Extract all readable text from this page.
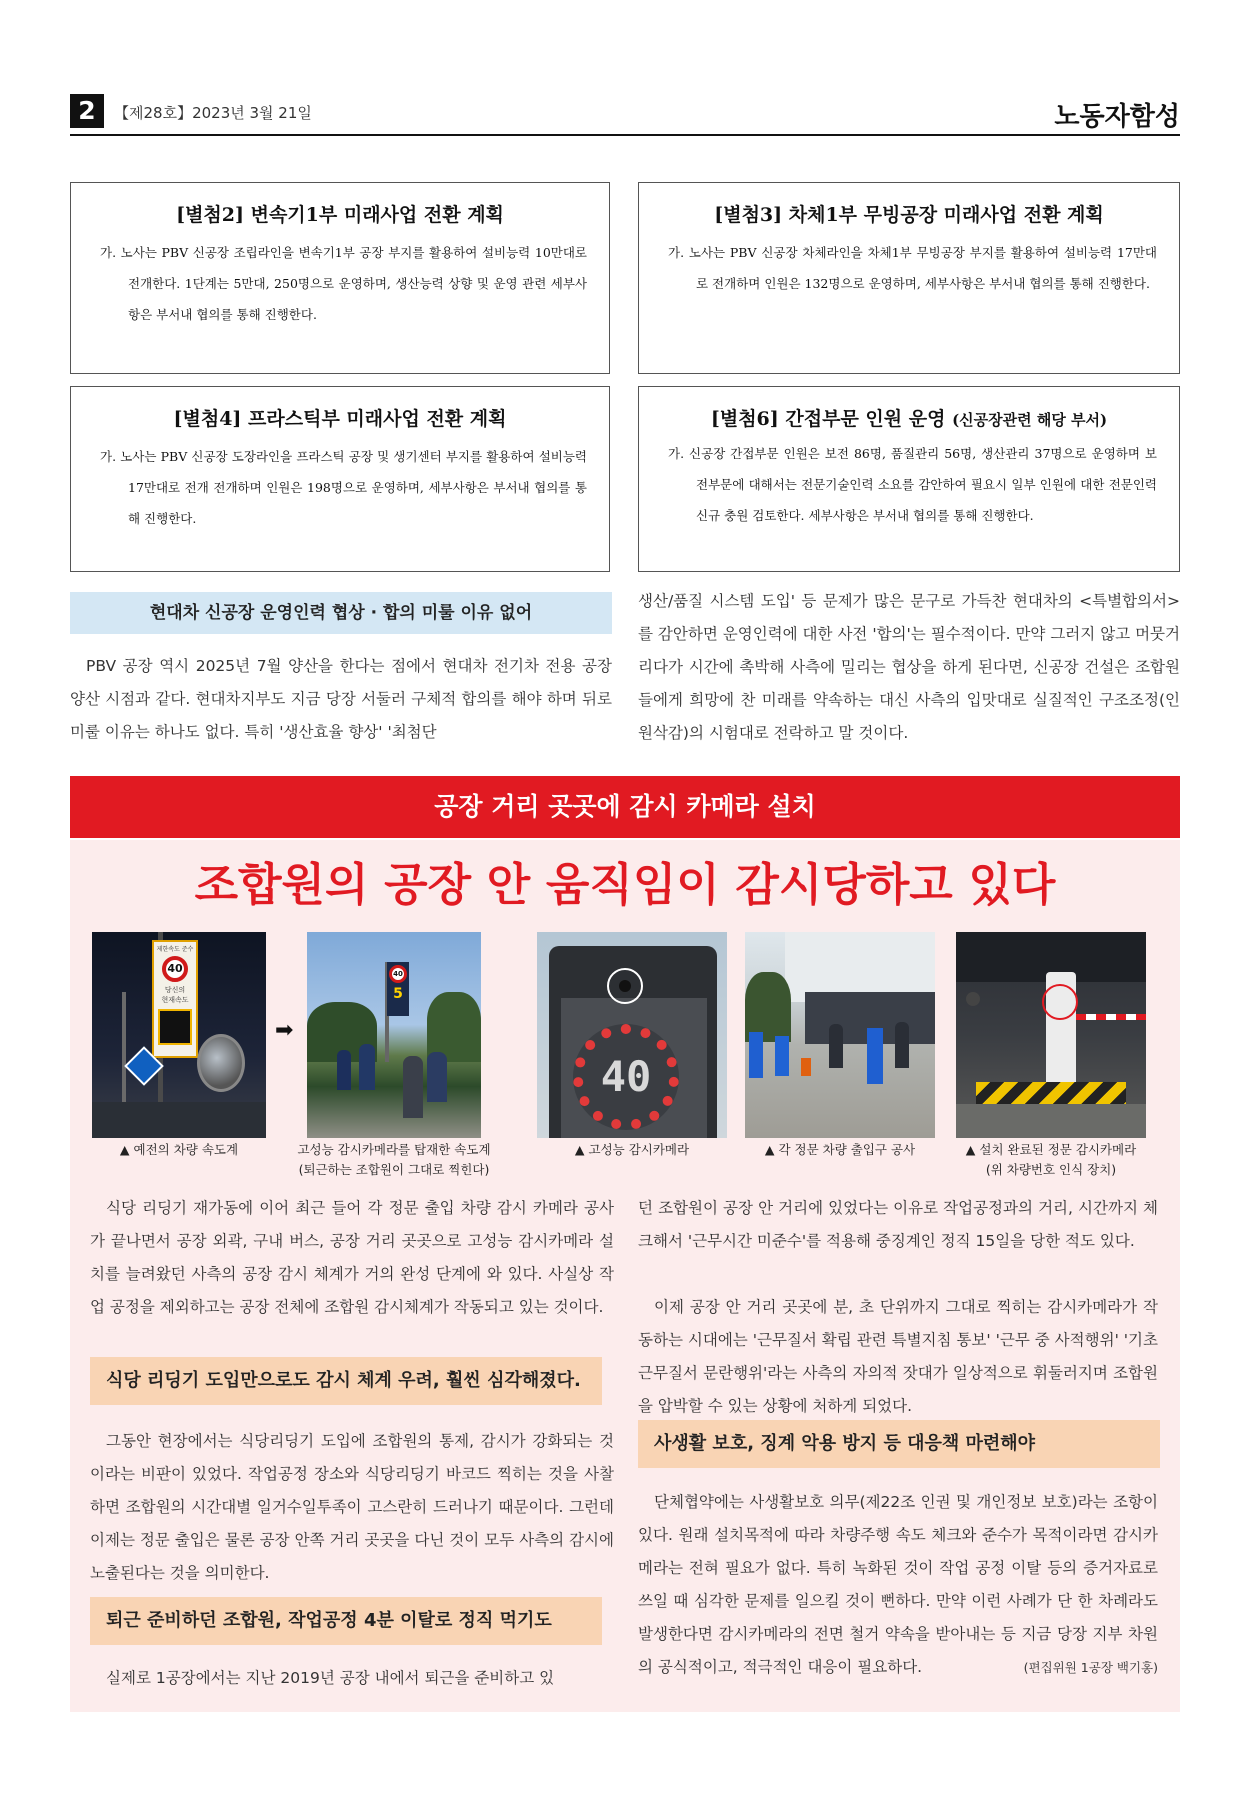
2	【제28호】2023년 3월 21일	노동자함성
[별첨2] 변속기1부 미래사업 전환 계획

가. 노사는 PBV 신공장 조립라인을 변속기1부 공장 부지를 활용하여 설비능력 10만대로 전개한다. 1단계는 5만대, 250명으로 운영하며, 생산능력 상향 및 운영 관련 세부사항은 부서내 협의를 통해 진행한다.

[별첨3] 차체1부 무빙공장 미래사업 전환 계획

가. 노사는 PBV 신공장 차체라인을 차체1부 무빙공장 부지를 활용하여 설비능력 17만대로 전개하며 인원은 132명으로 운영하며, 세부사항은 부서내 협의를 통해 진행한다.

[별첨4] 프라스틱부 미래사업 전환 계획

가. 노사는 PBV 신공장 도장라인을 프라스틱 공장 및 생기센터 부지를 활용하여 설비능력 17만대로 전개 전개하며 인원은 198명으로 운영하며, 세부사항은 부서내 협의를 통해 진행한다.

[별첨6] 간접부문 인원 운영 (신공장관련 해당 부서)

가. 신공장 간접부문 인원은 보전 86명, 품질관리 56명, 생산관리 37명으로 운영하며 보전부문에 대해서는 전문기술인력 소요를 감안하여 필요시 일부 인원에 대한 전문인력 신규 충원 검토한다. 세부사항은 부서내 협의를 통해 진행한다.

현대차 신공장 운영인력 협상 · 합의 미룰 이유 없어
PBV 공장 역시 2025년 7월 양산을 한다는 점에서 현대차 전기차 전용 공장 양산 시점과 같다. 현대차지부도 지금 당장 서둘러 구체적 합의를 해야 하며 뒤로 미룰 이유는 하나도 없다. 특히 '생산효율 향상' '최첨단
생산/품질 시스템 도입' 등 문제가 많은 문구로 가득찬 현대차의 <특별합의서>를 감안하면 운영인력에 대한 사전 '합의'는 필수적이다. 만약 그러지 않고 머뭇거리다가 시간에 촉박해 사측에 밀리는 협상을 하게 된다면, 신공장 건설은 조합원들에게 희망에 찬 미래를 약속하는 대신 사측의 입맛대로 실질적인 구조조정(인원삭감)의 시험대로 전락하고 말 것이다.
공장 거리 곳곳에 감시 카메라 설치
조합원의 공장 안 움직임이 감시당하고 있다
제한속도 준수
40
당신의
현재속도
➡
40
5
40
▲ 예전의 차량 속도계	고성능 감시카메라를 탑재한 속도계
(퇴근하는 조합원이 그대로 찍힌다)
▲ 고성능 감시카메라	▲ 각 정문 차량 출입구 공사	▲ 설치 완료된 정문 감시카메라
(위 차량번호 인식 장치)
식당 리딩기 재가동에 이어 최근 들어 각 정문 출입 차량 감시 카메라 공사가 끝나면서 공장 외곽, 구내 버스, 공장 거리 곳곳으로 고성능 감시카메라 설치를 늘려왔던 사측의 공장 감시 체계가 거의 완성 단계에 와 있다. 사실상 작업 공정을 제외하고는 공장 전체에 조합원 감시체계가 작동되고 있는 것이다.
식당 리딩기 도입만으로도 감시 체계 우려, 훨씬 심각해졌다.
그동안 현장에서는 식당리딩기 도입에 조합원의 통제, 감시가 강화되는 것이라는 비판이 있었다. 작업공정 장소와 식당리딩기 바코드 찍히는 것을 사찰하면 조합원의 시간대별 일거수일투족이 고스란히 드러나기 때문이다. 그런데 이제는 정문 출입은 물론 공장 안쪽 거리 곳곳을 다닌 것이 모두 사측의 감시에 노출된다는 것을 의미한다.
퇴근 준비하던 조합원, 작업공정 4분 이탈로 정직 먹기도
실제로 1공장에서는 지난 2019년 공장 내에서 퇴근을 준비하고 있
던 조합원이 공장 안 거리에 있었다는 이유로 작업공정과의 거리, 시간까지 체크해서 '근무시간 미준수'를 적용해 중징계인 정직 15일을 당한 적도 있다.
이제 공장 안 거리 곳곳에 분, 초 단위까지 그대로 찍히는 감시카메라가 작동하는 시대에는 '근무질서 확립 관련 특별지침 통보' '근무 중 사적행위' '기초근무질서 문란행위'라는 사측의 자의적 잣대가 일상적으로 휘둘러지며 조합원을 압박할 수 있는 상황에 처하게 되었다.
사생활 보호, 징계 악용 방지 등 대응책 마련해야
단체협약에는 사생활보호 의무(제22조 인권 및 개인정보 보호)라는 조항이 있다. 원래 설치목적에 따라 차량주행 속도 체크와 준수가 목적이라면 감시카메라는 전혀 필요가 없다. 특히 녹화된 것이 작업 공정 이탈 등의 증거자료로 쓰일 때 심각한 문제를 일으킬 것이 뻔하다. 만약 이런 사례가 단 한 차례라도 발생한다면 감시카메라의 전면 철거 약속을 받아내는 등 지금 당장 지부 차원의 공식적이고, 적극적인 대응이 필요하다.	(편집위원 1공장 백기홍)
